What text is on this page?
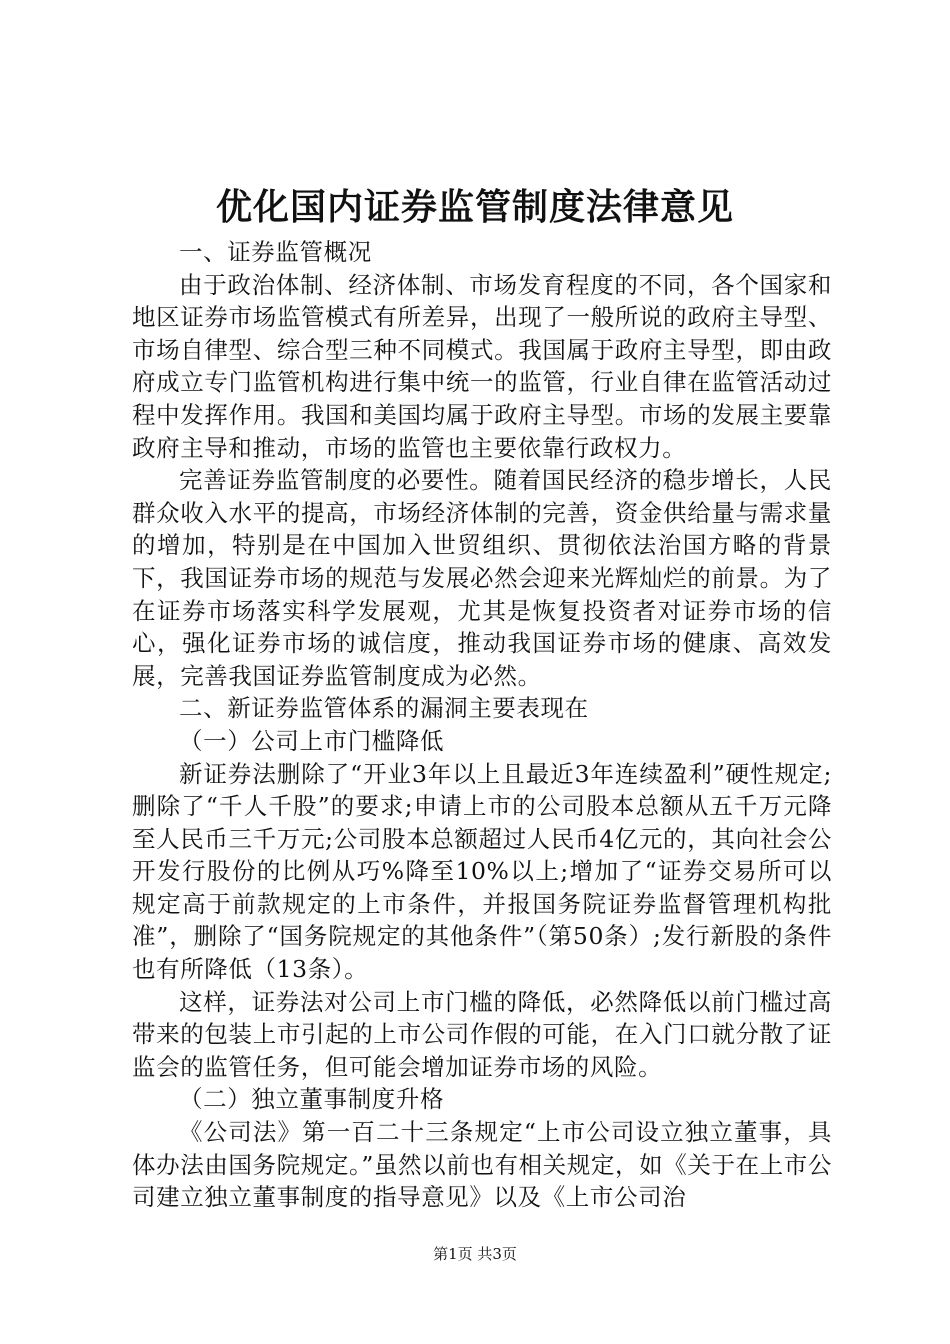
优化国内证券监管制度法律意见

一、证券监管概况

由于政治体制、经济体制、市场发育程度的不同，各个国家和地区证券市场监管模式有所差异，出现了一般所说的政府主导型、市场自律型、综合型三种不同模式。我国属于政府主导型，即由政府成立专门监管机构进行集中统一的监管，行业自律在监管活动过程中发挥作用。我国和美国均属于政府主导型。市场的发展主要靠政府主导和推动，市场的监管也主要依靠行政权力。

完善证券监管制度的必要性。随着国民经济的稳步增长，人民群众收入水平的提高，市场经济体制的完善，资金供给量与需求量的增加，特别是在中国加入世贸组织、贯彻依法治国方略的背景下，我国证券市场的规范与发展必然会迎来光辉灿烂的前景。为了在证券市场落实科学发展观，尤其是恢复投资者对证券市场的信心，强化证券市场的诚信度，推动我国证券市场的健康、高效发展，完善我国证券监管制度成为必然。

二、新证券监管体系的漏洞主要表现在

（一）公司上市门槛降低

新证券法删除了“开业3年以上且最近3年连续盈利”硬性规定;删除了“千人千股”的要求;申请上市的公司股本总额从五千万元降至人民币三千万元;公司股本总额超过人民币4亿元的，其向社会公开发行股份的比例从巧%降至10%以上;增加了“证券交易所可以规定高于前款规定的上市条件，并报国务院证券监督管理机构批准”，删除了“国务院规定的其他条件”（第50条）;发行新股的条件也有所降低（13条）。

这样，证券法对公司上市门槛的降低，必然降低以前门槛过高带来的包装上市引起的上市公司作假的可能，在入门口就分散了证监会的监管任务，但可能会增加证券市场的风险。

（二）独立董事制度升格

《公司法》第一百二十三条规定“上市公司设立独立董事，具体办法由国务院规定。”虽然以前也有相关规定，如《关于在上市公司建立独立董事制度的指导意见》以及《上市公司治

第1页 共3页
